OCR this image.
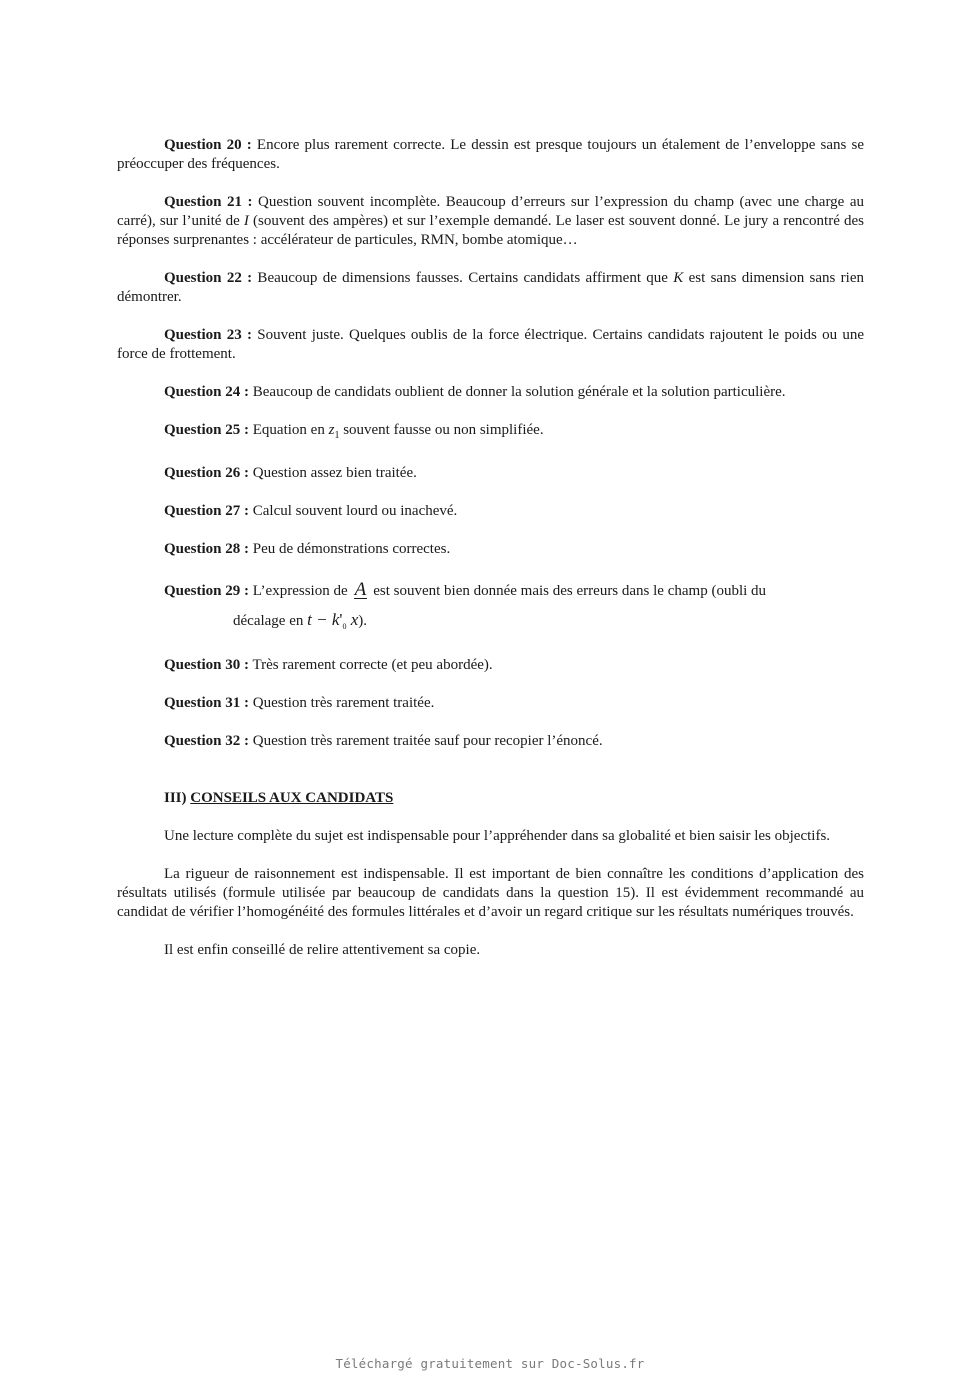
Question 20 : Encore plus rarement correcte. Le dessin est presque toujours un étalement de l’enveloppe sans se préoccuper des fréquences.

Question 21 : Question souvent incomplète. Beaucoup d’erreurs sur l’expression du champ (avec une charge au carré), sur l’unité de I (souvent des ampères) et sur l’exemple demandé. Le laser est souvent donné. Le jury a rencontré des réponses surprenantes : accélérateur de particules, RMN, bombe atomique…

Question 22 : Beaucoup de dimensions fausses. Certains candidats affirment que K est sans dimension sans rien démontrer.

Question 23 : Souvent juste. Quelques oublis de la force électrique. Certains candidats rajoutent le poids ou une force de frottement.

Question 24 : Beaucoup de candidats oublient de donner la solution générale et la solution particulière.

Question 25 : Equation en $z_1$ souvent fausse ou non simplifiée.

Question 26 : Question assez bien traitée.

Question 27 : Calcul souvent lourd ou inachevé.

Question 28 : Peu de démonstrations correctes.

Question 29 : L’expression de A est souvent bien donnée mais des erreurs dans le champ (oubli du
décalage en $t - k'_0$ x).

Question 30 : Très rarement correcte (et peu abordée).

Question 31 : Question très rarement traitée.

Question 32 : Question très rarement traitée sauf pour recopier l’énoncé.

III) CONSEILS AUX CANDIDATS

Une lecture complète du sujet est indispensable pour l’appréhender dans sa globalité et bien saisir les objectifs.

La rigueur de raisonnement est indispensable. Il est important de bien connaître les conditions d’application des résultats utilisés (formule utilisée par beaucoup de candidats dans la question 15). Il est évidemment recommandé au candidat de vérifier l’homogénéité des formules littérales et d’avoir un regard critique sur les résultats numériques trouvés.

Il est enfin conseillé de relire attentivement sa copie.

Téléchargé gratuitement sur Doc-Solus.fr
